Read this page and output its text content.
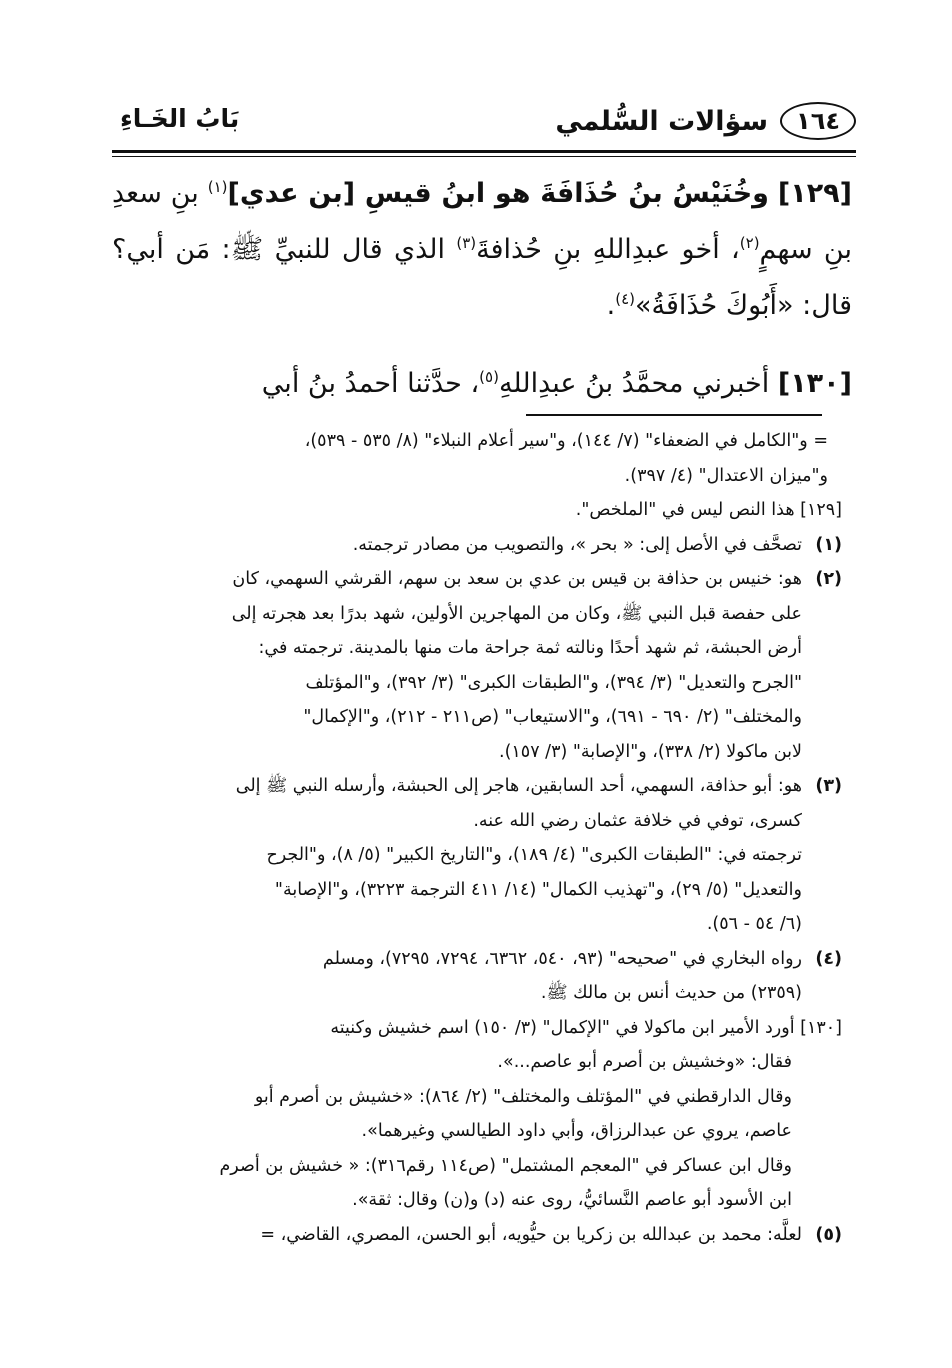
١٦٤
سؤالات السُّلمي
بَابُ الخَـاءِ

[١٢٩] وخُنَيْسُ بنُ حُذَافَةَ هو ابنُ قيسِ [بن عدي]$^{(١)}$ بنِ سعدِ بنِ سهمٍ$^{(٢)}$، أخو عبدِاللهِ بنِ حُذافةَ$^{(٣)}$ الذي قال للنبيِّ ﷺ: مَن أبي؟ قال: «أَبُوكَ حُذَافَةُ»$^{(٤)}$.

[١٣٠] أخبرني محمَّدُ بنُ عبدِاللهِ$^{(٥)}$، حدَّثنا أحمدُ بنُ أبي

= و"الكامل في الضعفاء" (٧/ ١٤٤)، و"سير أعلام النبلاء" (٨/ ٥٣٥ - ٥٣٩)،
و"ميزان الاعتدال" (٤/ ٣٩٧).
[١٢٩] هذا النص ليس في "الملخص".
(١)
تصحَّف في الأصل إلى: « بحر »، والتصويب من مصادر ترجمته.
(٢)
هو: خنيس بن حذافة بن قيس بن عدي بن سعد بن سهم، القرشي السهمي، كان
على حفصة قبل النبي ﷺ، وكان من المهاجرين الأولين، شهد بدرًا بعد هجرته إلى
أرض الحبشة، ثم شهد أحدًا ونالته ثمة جراحة مات منها بالمدينة. ترجمته في:
"الجرح والتعديل" (٣/ ٣٩٤)، و"الطبقات الكبرى" (٣/ ٣٩٢)، و"المؤتلف
والمختلف" (٢/ ٦٩٠ - ٦٩١)، و"الاستيعاب" (ص٢١١ - ٢١٢)، و"الإكمال"
لابن ماكولا (٢/ ٣٣٨)، و"الإصابة" (٣/ ١٥٧).
(٣)
هو: أبو حذافة، السهمي، أحد السابقين، هاجر إلى الحبشة، وأرسله النبي ﷺ إلى
كسرى، توفي في خلافة عثمان رضي الله عنه.
ترجمته في: "الطبقات الكبرى" (٤/ ١٨٩)، و"التاريخ الكبير" (٥/ ٨)، و"الجرح
والتعديل" (٥/ ٢٩)، و"تهذيب الكمال" (١٤/ ٤١١ الترجمة ٣٢٢٣)، و"الإصابة"
(٦/ ٥٤ - ٥٦).
(٤)
رواه البخاري في "صحيحه" (٩٣، ٥٤٠، ٦٣٦٢، ٧٢٩٤، ٧٢٩٥)، ومسلم
(٢٣٥٩) من حديث أنس بن مالك ﷺ.
[١٣٠] أورد الأمير ابن ماكولا في "الإكمال" (٣/ ١٥٠) اسم خشيش وكنيته
فقال: «وخشيش بن أصرم أبو عاصم...».
وقال الدارقطني في "المؤتلف والمختلف" (٢/ ٨٦٤): «خشيش بن أصرم أبو
عاصم، يروي عن عبدالرزاق، وأبي داود الطيالسي وغيرهما».
وقال ابن عساكر في "المعجم المشتمل" (ص١١٤ رقم٣١٦): « خشيش بن أصرم
ابن الأسود أبو عاصم النَّسائيُّ، روى عنه (د) و(ن) وقال: ثقة».
(٥)
لعلَّه: محمد بن عبدالله بن زكريا بن حيُّويه، أبو الحسن، المصري، القاضي، =
